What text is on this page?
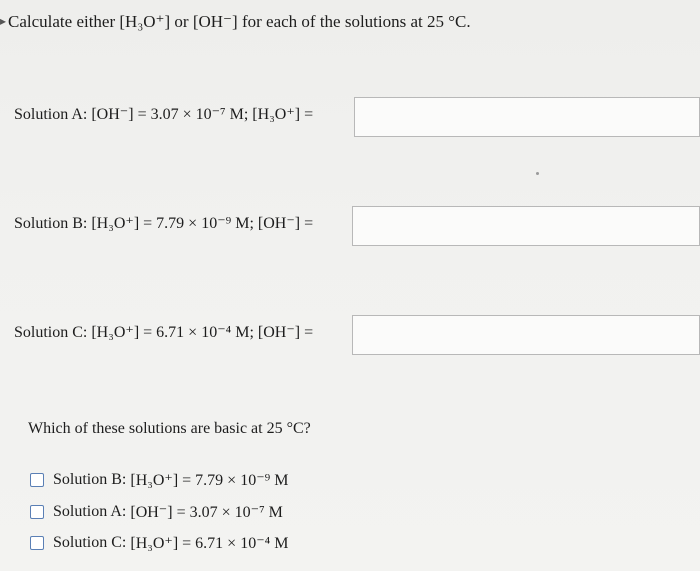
▸ Calculate either [H₃O⁺] or [OH⁻] for each of the solutions at 25 °C.
Solution A: [OH⁻] = 3.07 × 10⁻⁷ M; [H₃O⁺] =
Solution B: [H₃O⁺] = 7.79 × 10⁻⁹ M; [OH⁻] =
Solution C: [H₃O⁺] = 6.71 × 10⁻⁴ M; [OH⁻] =
Which of these solutions are basic at 25 °C?
Solution B:
[H₃O⁺] = 7.79 × 10⁻⁹ M
Solution A:
[OH⁻] = 3.07 × 10⁻⁷ M
Solution C:
[H₃O⁺] = 6.71 × 10⁻⁴ M
